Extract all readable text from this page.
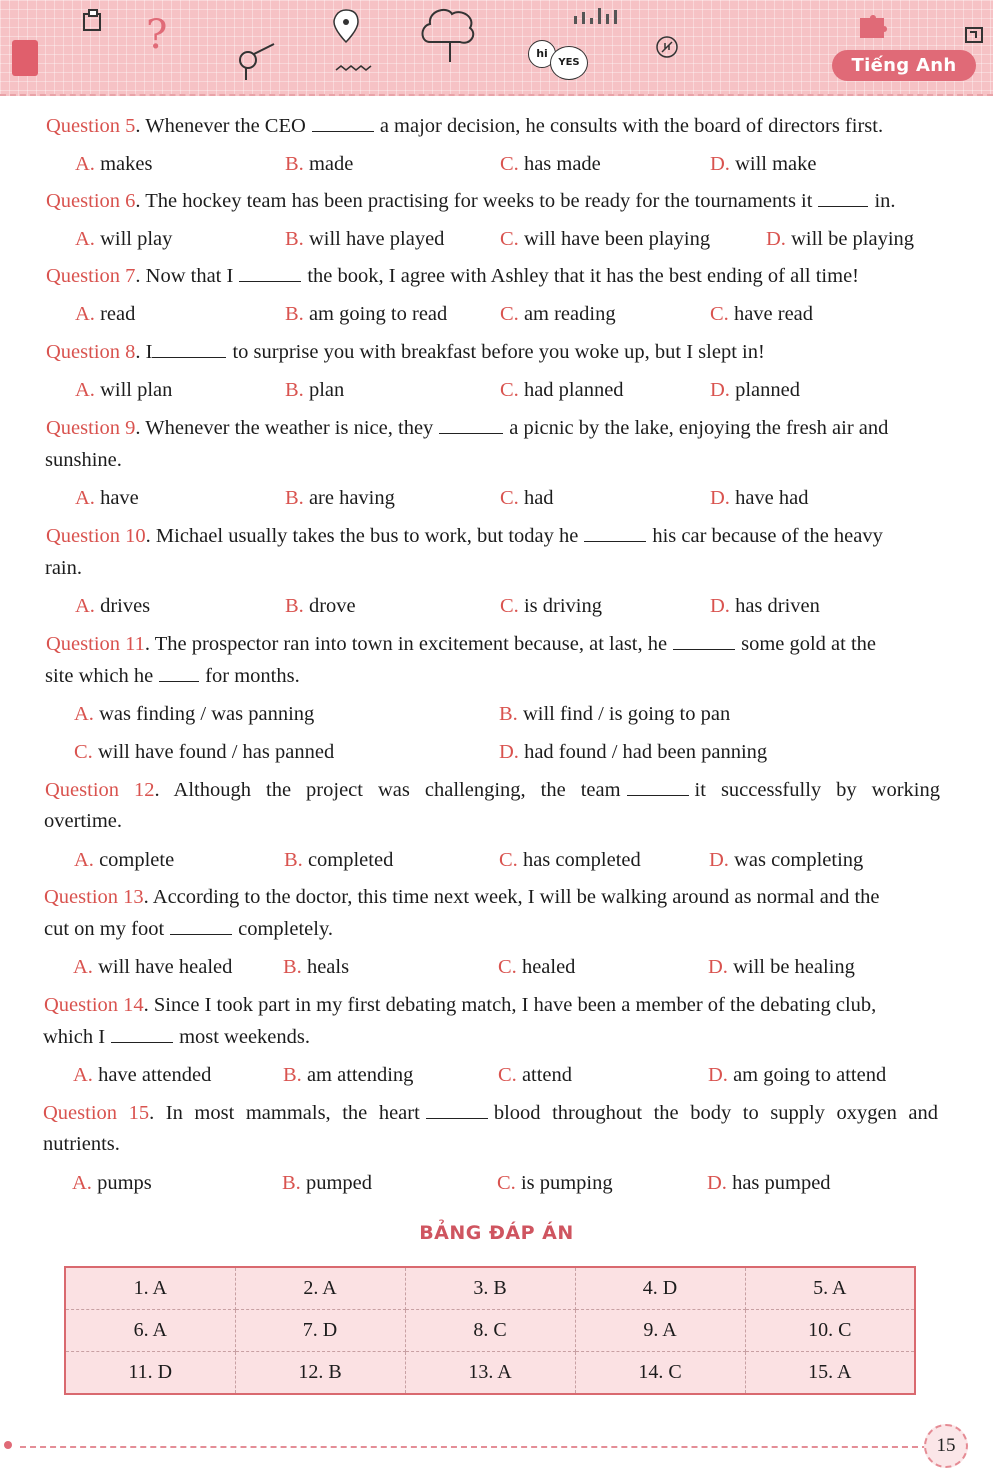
?	hi
YES	Tiếng Anh
Question 5. Whenever the CEO	a major decision, he consults with the board of directors first.
A. makes	B. made	C. has made	D. will make
Question 6. The hockey team has been practising for weeks to be ready for the tournaments it	in.
A. will play	B. will have played	C. will have been playing	D. will be playing
Question 7. Now that I	the book, I agree with Ashley that it has the best ending of all time!
A. read	B. am going to read	C. am reading	C. have read
Question 8. I	to surprise you with breakfast before you woke up, but I slept in!
A. will plan	B. plan	C. had planned	D. planned
Question 9. Whenever the weather is nice, they	a picnic by the lake, enjoying the fresh air and
sunshine.
A. have	B. are having	C. had	D. have had
Question 10. Michael usually takes the bus to work, but today he	his car because of the heavy
rain.
A. drives	B. drove	C. is driving	D. has driven
Question 11. The prospector ran into town in excitement because, at last, he	some gold at the
site which he	for months.
A. was finding / was panning	B. will find / is going to pan
C. will have found / has panned	D. had found / had been panning
Question 12. Although the project was challenging, the team	it successfully by working
overtime.
A. complete	B. completed	C. has completed	D. was completing
Question 13. According to the doctor, this time next week, I will be walking around as normal and the
cut on my foot	completely.
A. will have healed B. heals	C. healed	D. will be healing
Question 14. Since I took part in my first debating match, I have been a member of the debating club,
which I	most weekends.
A. have attended	B. am attending	C. attend	D. am going to attend
Question 15. In most mammals, the heart	blood throughout the body to supply oxygen and
nutrients.
A. pumps	B. pumped	C. is pumping	D. has pumped
BẢNG ĐÁP ÁN
1. A	2. A	3. B	4. D	5. A
6. A	7. D	8. C	9. A	10. C
11. D	12. B	13. A	14. C	15. A
15
